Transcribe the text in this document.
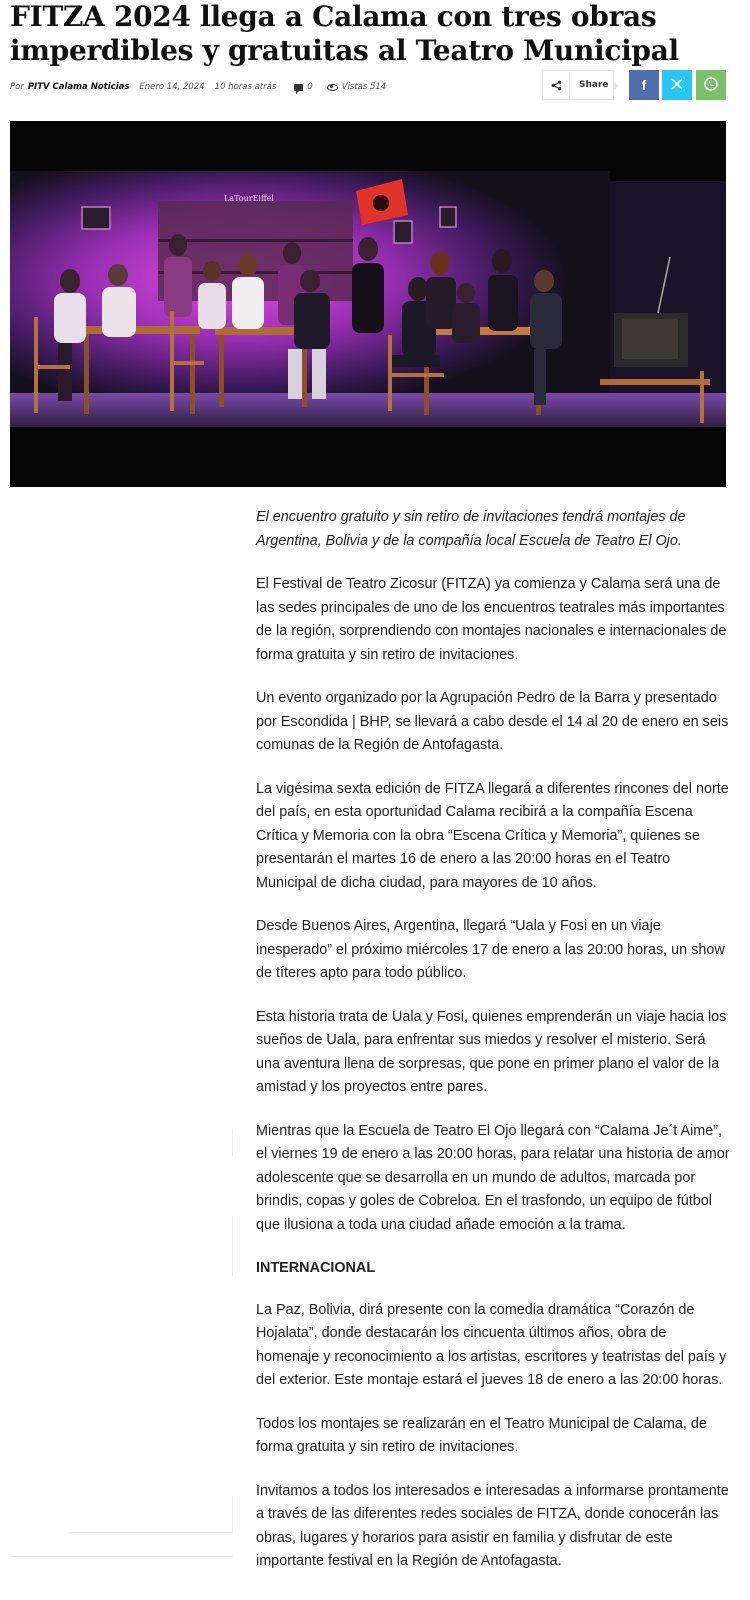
FITZA 2024 llega a Calama con tres obras imperdibles y gratuitas al Teatro Municipal
Por PITV Calama Noticias Enero 14, 2024 10 horas atrás	0	Vistas 514	Share f
LaTourEiffel

El encuentro gratuito y sin retiro de invitaciones tendrá montajes de Argentina, Bolivia y de la compañía local Escuela de Teatro El Ojo.

El Festival de Teatro Zicosur (FITZA) ya comienza y Calama será una de las sedes principales de uno de los encuentros teatrales más importantes de la región, sorprendiendo con montajes nacionales e internacionales de forma gratuita y sin retiro de invitaciones.

Un evento organizado por la Agrupación Pedro de la Barra y presentado por Escondida | BHP, se llevará a cabo desde el 14 al 20 de enero en seis comunas de la Región de Antofagasta.

La vigésima sexta edición de FITZA llegará a diferentes rincones del norte del país, en esta oportunidad Calama recibirá a la compañía Escena Crítica y Memoria con la obra “Escena Crítica y Memoria”, quienes se presentarán el martes 16 de enero a las 20:00 horas en el Teatro Municipal de dicha ciudad, para mayores de 10 años.

Desde Buenos Aires, Argentina, llegará “Uala y Fosi en un viaje inesperado” el próximo miércoles 17 de enero a las 20:00 horas, un show de títeres apto para todo público.

Esta historia trata de Uala y Fosi, quienes emprenderán un viaje hacia los sueños de Uala, para enfrentar sus miedos y resolver el misterio. Será una aventura llena de sorpresas, que pone en primer plano el valor de la amistad y los proyectos entre pares.

Mientras que la Escuela de Teatro El Ojo llegará con “Calama Je´t Aime”, el viernes 19 de enero a las 20:00 horas, para relatar una historia de amor adolescente que se desarrolla en un mundo de adultos, marcada por brindis, copas y goles de Cobreloa. En el trasfondo, un equipo de fútbol que ilusiona a toda una ciudad añade emoción a la trama.

INTERNACIONAL

La Paz, Bolivia, dirá presente con la comedia dramática “Corazón de Hojalata”, donde destacarán los cincuenta últimos años, obra de homenaje y reconocimiento a los artistas, escritores y teatristas del país y del exterior. Este montaje estará el jueves 18 de enero a las 20:00 horas.

Todos los montajes se realizarán en el Teatro Municipal de Calama, de forma gratuita y sin retiro de invitaciones.

Invitamos a todos los interesados e interesadas a informarse prontamente a través de las diferentes redes sociales de FITZA, donde conocerán las obras, lugares y horarios para asistir en familia y disfrutar de este importante festival en la Región de Antofagasta.
